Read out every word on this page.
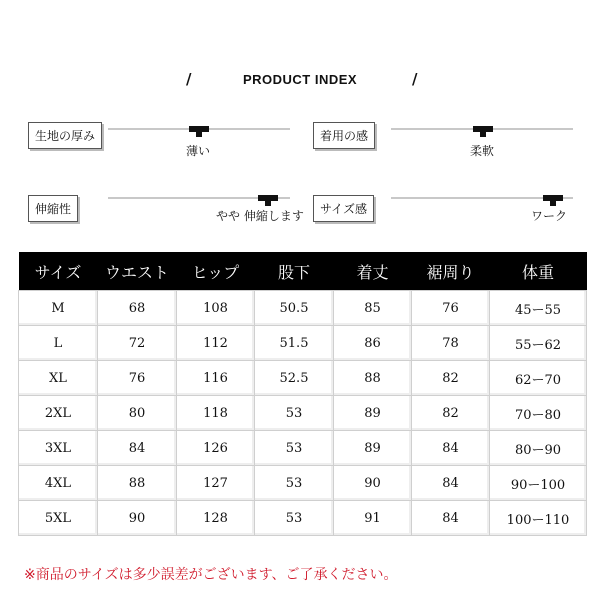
/	PRODUCT INDEX	/
生地の厚み
薄い
着用の感
柔軟
伸縮性	やや 伸縮します	サイズ感	ワーク
サイズ	ウエスト	ヒップ	股下	着丈	裾周り	体重
M	68	108	50.5	85	76	45ー55
L	72	112	51.5	86	78	55ー62
XL	76	116	52.5	88	82	62ー70
2XL	80	118	53	89	82	70ー80
3XL	84	126	53	89	84	80ー90
4XL	88	127	53	90	84	90ー100
5XL	90	128	53	91	84	100ー110
※商品のサイズは多少誤差がございます、ご了承ください。
